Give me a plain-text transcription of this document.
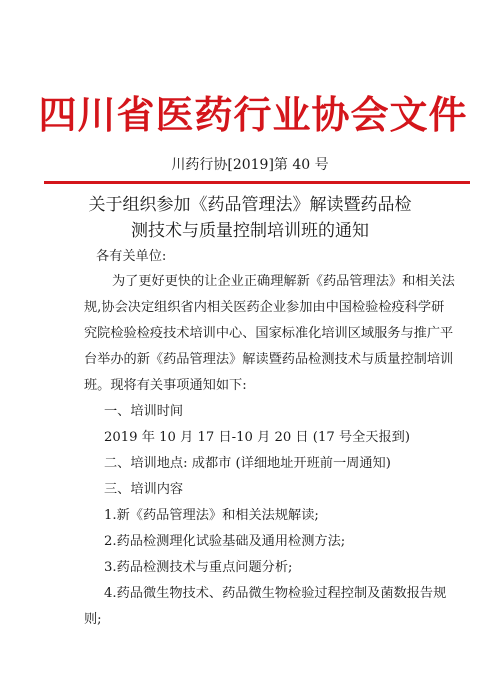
四川省医药行业协会文件
川药行协[2019]第 40 号
关于组织参加《药品管理法》解读暨药品检
测技术与质量控制培训班的通知
各有关单位:
为了更好更快的让企业正确理解新《药品管理法》和相关法
规,协会决定组织省内相关医药企业参加由中国检验检疫科学研
究院检验检疫技术培训中心、国家标准化培训区域服务与推广平
台举办的新《药品管理法》解读暨药品检测技术与质量控制培训
班。现将有关事项通知如下:
一、培训时间
2019 年 10 月 17 日-10 月 20 日 (17 号全天报到)
二、培训地点: 成都市 (详细地址开班前一周通知)
三、培训内容
1.新《药品管理法》和相关法规解读;
2.药品检测理化试验基础及通用检测方法;
3.药品检测技术与重点问题分析;
4.药品微生物技术、药品微生物检验过程控制及菌数报告规
则;
